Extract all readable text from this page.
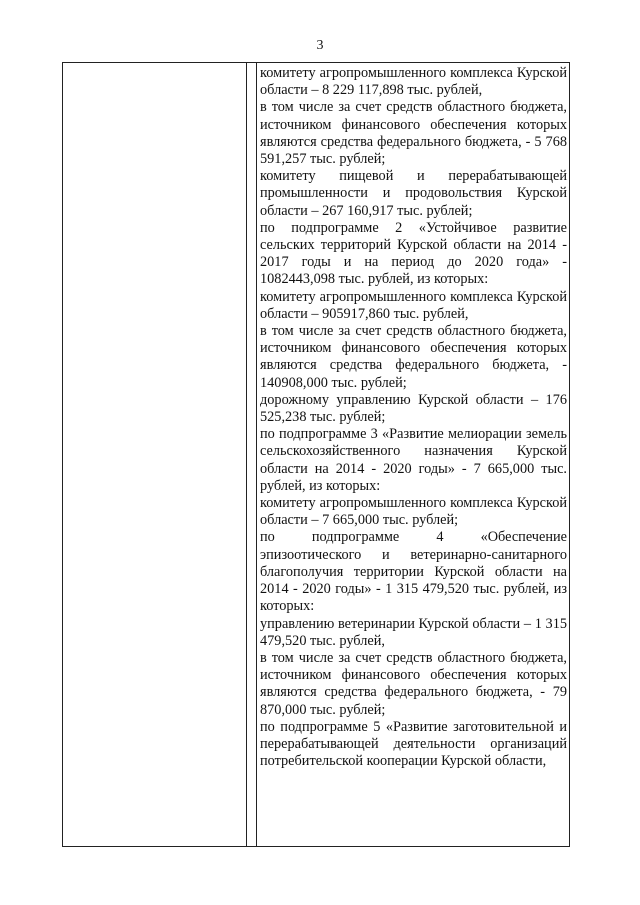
3

комитету агропромышленного комплекса Курской области – 8 229 117,898 тыс. рублей,

в том числе за счет средств областного бюджета, источником финансового обеспечения которых являются средства федерального бюджета, - 5 768 591,257 тыс. рублей;

комитету пищевой и перерабатывающей промышленности и продовольствия Курской области – 267 160,917 тыс. рублей;

по подпрограмме 2 «Устойчивое развитие сельских территорий Курской области на 2014 - 2017 годы и на период до 2020 года» - 1082443,098 тыс. рублей, из которых:

комитету агропромышленного комплекса Курской области – 905917,860 тыс. рублей,

в том числе за счет средств областного бюджета, источником финансового обеспечения которых являются средства федерального бюджета, - 140908,000 тыс. рублей;

дорожному управлению Курской области – 176 525,238 тыс. рублей;

по подпрограмме 3 «Развитие мелиорации земель сельскохозяйственного назначения Курской области на 2014 - 2020 годы» - 7 665,000 тыс. рублей, из которых:

комитету агропромышленного комплекса Курской области – 7 665,000 тыс. рублей;

по подпрограмме 4 «Обеспечение эпизоотического и ветеринарно-санитарного благополучия территории Курской области на 2014 - 2020 годы» - 1 315 479,520 тыс. рублей, из которых:

управлению ветеринарии Курской области – 1 315 479,520 тыс. рублей,

в том числе за счет средств областного бюджета, источником финансового обеспечения которых являются средства федерального бюджета, - 79 870,000 тыс. рублей;

по подпрограмме 5 «Развитие заготовительной и перерабатывающей деятельности организаций потребительской кооперации Курской области,
